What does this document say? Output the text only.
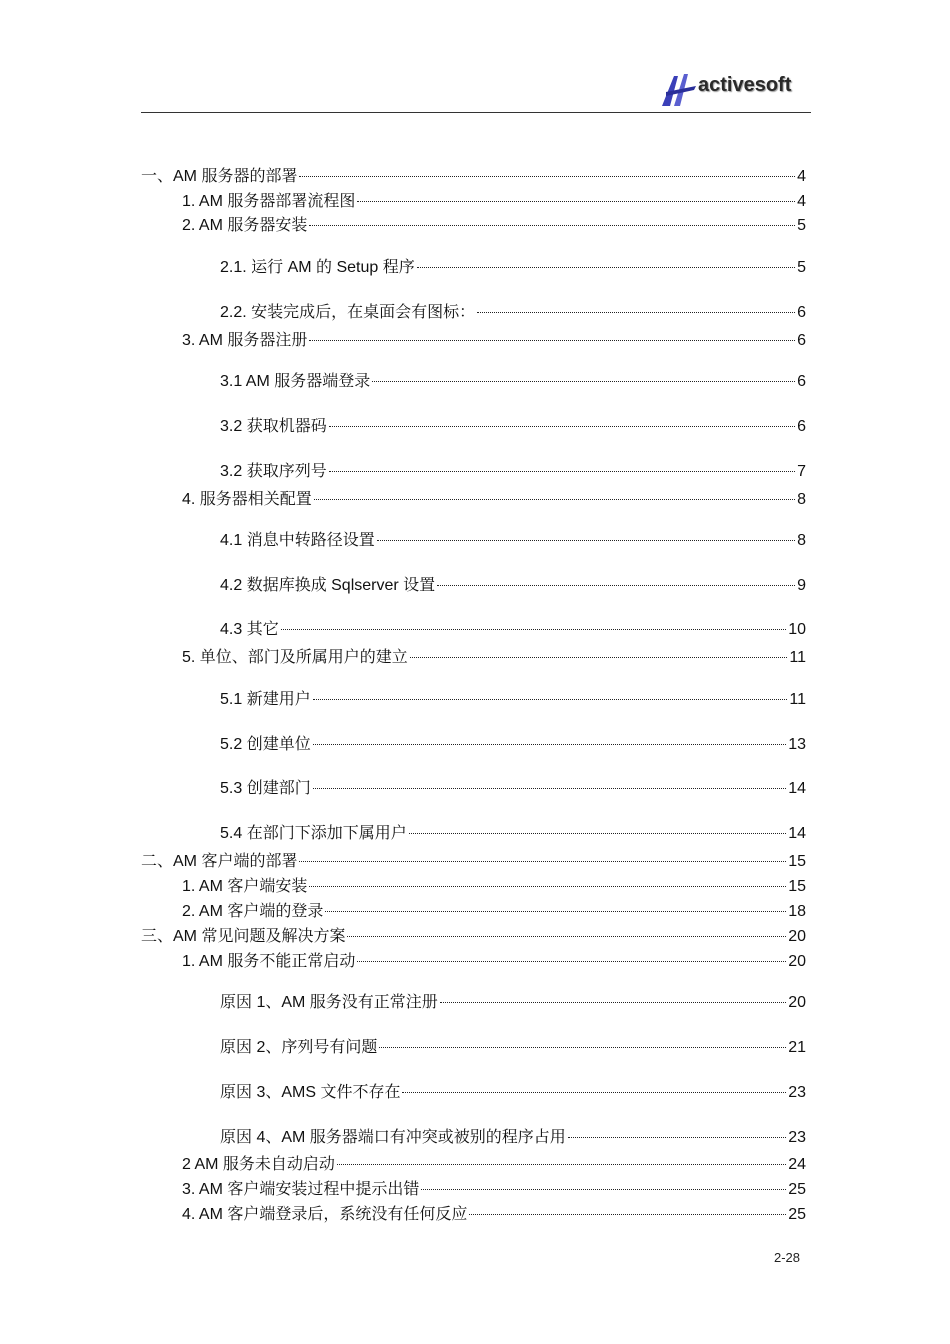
activesoft
一、AM 服务器的部署	4
1. AM 服务器部署流程图	4
2. AM 服务器安装	5
2.1. 运行 AM 的 Setup 程序	5
2.2. 安装完成后，在桌面会有图标：	6
3. AM 服务器注册	6
3.1 AM 服务器端登录	6
3.2 获取机器码	6
3.2 获取序列号	7
4. 服务器相关配置	8
4.1 消息中转路径设置	8
4.2 数据库换成 Sqlserver 设置	9
4.3 其它	10
5. 单位、部门及所属用户的建立	11
5.1 新建用户	11
5.2 创建单位	13
5.3 创建部门	14
5.4 在部门下添加下属用户	14
二、AM 客户端的部署	15
1. AM 客户端安装	15
2. AM 客户端的登录	18
三、AM 常见问题及解决方案	20
1. AM 服务不能正常启动	20
原因 1、AM 服务没有正常注册	20
原因 2、序列号有问题	21
原因 3、AMS 文件不存在	23
原因 4、AM 服务器端口有冲突或被别的程序占用	23
2 AM 服务未自动启动	24
3. AM 客户端安装过程中提示出错	25
4. AM 客户端登录后，系统没有任何反应	25
2-28
